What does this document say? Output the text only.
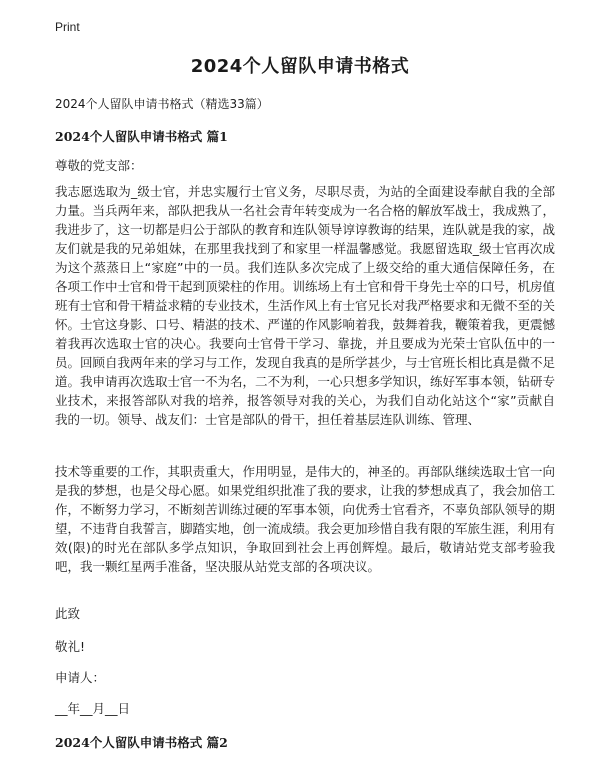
Print
2024个人留队申请书格式
2024个人留队申请书格式（精选33篇）
2024个人留队申请书格式 篇1
尊敬的党支部：
我志愿选取为_级士官，并忠实履行士官义务，尽职尽责，为站的全面建设奉献自我的全部力量。当兵两年来，部队把我从一名社会青年转变成为一名合格的解放军战士，我成熟了，我进步了，这一切都是归公于部队的教育和连队领导谆谆教诲的结果，连队就是我的家，战友们就是我的兄弟姐妹，在那里我找到了和家里一样温馨感觉。我愿留选取_级士官再次成为这个蒸蒸日上“家庭”中的一员。我们连队多次完成了上级交给的重大通信保障任务，在各项工作中士官和骨干起到顶梁柱的作用。训练场上有士官和骨干身先士卒的口号，机房值班有士官和骨干精益求精的专业技术，生活作风上有士官兄长对我严格要求和无微不至的关怀。士官这身影、口号、精湛的技术、严谨的作风影响着我，鼓舞着我，鞭策着我，更震憾着我再次选取士官的决心。我要向士官骨干学习、靠拢，并且要成为光荣士官队伍中的一员。回顾自我两年来的学习与工作，发现自我真的是所学甚少，与士官班长相比真是微不足道。我申请再次选取士官一不为名，二不为利，一心只想多学知识，练好军事本领，钻研专业技术，来报答部队对我的培养，报答领导对我的关心，为我们自动化站这个“家”贡献自我的一切。领导、战友们：士官是部队的骨干，担任着基层连队训练、管理、
技术等重要的工作，其职责重大，作用明显，是伟大的，神圣的。再部队继续选取士官一向是我的梦想，也是父母心愿。如果党组织批准了我的要求，让我的梦想成真了，我会加倍工作，不断努力学习，不断刻苦训练过硬的军事本领，向优秀士官看齐，不辜负部队领导的期望，不违背自我誓言，脚踏实地，创一流成绩。我会更加珍惜自我有限的军旅生涯，利用有效(限)的时光在部队多学点知识，争取回到社会上再创辉煌。最后，敬请站党支部考验我吧，我一颗红星两手准备，坚决服从站党支部的各项决议。
此致
敬礼!
申请人：
__年__月__日
2024个人留队申请书格式 篇2
